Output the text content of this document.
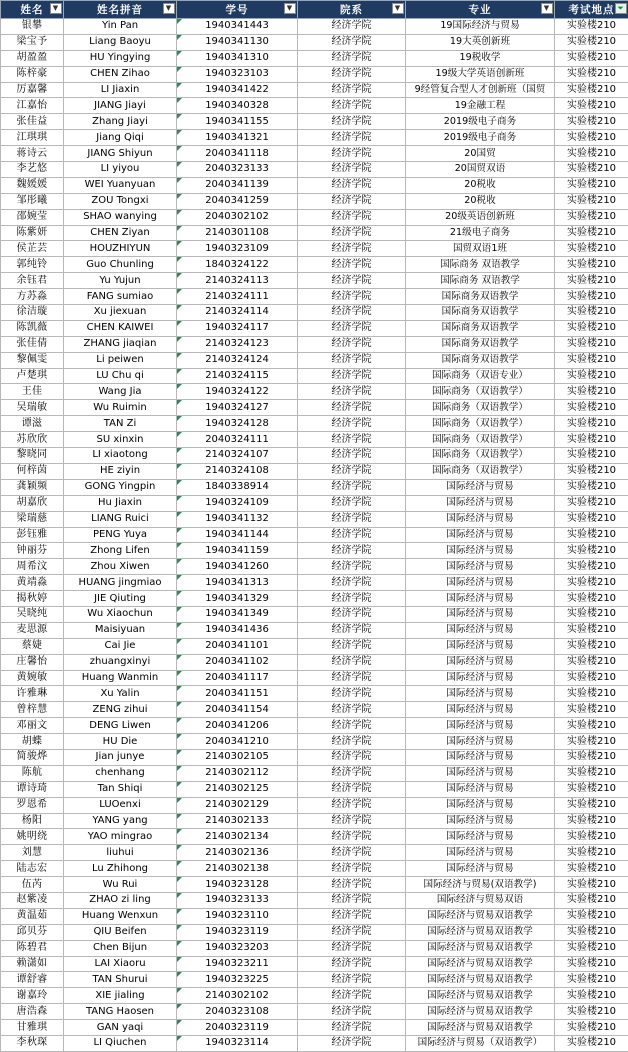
姓名 ▼	姓名拼音 ▼	学号 ▼	院系 ▼	专业 ▼	考试地点 ⏷

银攀	Yin Pan	1940341443	经济学院	19国际经济与贸易	实验楼210
梁宝予	Liang Baoyu	1940341130	经济学院	19大英创新班	实验楼210
胡盈盈	HU Yingying	1940341310	经济学院	19税收学	实验楼210
陈梓豪	CHEN Zihao	1940323103	经济学院	19级大学英语创新班	实验楼210
厉嘉馨	LI Jiaxin	1940341422	经济学院	9经管复合型人才创新班（国贸	实验楼210
江嘉怡	JIANG Jiayi	1940340328	经济学院	19金融工程	实验楼210
张佳益	Zhang Jiayi	1940341155	经济学院	2019级电子商务	实验楼210
江琪琪	Jiang Qiqi	1940341321	经济学院	2019级电子商务	实验楼210
蒋诗云	JIANG Shiyun	2040341118	经济学院	20国贸	实验楼210
李艺悠	LI yiyou	2040323133	经济学院	20国贸双语	实验楼210
魏媛媛	WEI Yuanyuan	2040341139	经济学院	20税收	实验楼210
邹彤曦	ZOU Tongxi	2040341259	经济学院	20税收	实验楼210
邵婉莹	SHAO wanying	2040302102	经济学院	20级英语创新班	实验楼210
陈紫妍	CHEN Ziyan	2140301108	经济学院	21级电子商务	实验楼210
侯芷芸	HOUZHIYUN	1940323109	经济学院	国贸双语1班	实验楼210
郭纯铃	Guo Chunling	1840324122	经济学院	国际商务 双语教学	实验楼210
余钰君	Yu Yujun	2140324113	经济学院	国际商务 双语教学	实验楼210
方苏淼	FANG sumiao	2140324111	经济学院	国际商务双语教学	实验楼210
徐洁璇	Xu jiexuan	2140324114	经济学院	国际商务双语教学	实验楼210
陈凯薇	CHEN KAIWEI	1940324117	经济学院	国际商务双语教学	实验楼210
张佳倩	ZHANG jiaqian	2140324123	经济学院	国际商务双语教学	实验楼210
黎佩雯	Li peiwen	2140324124	经济学院	国际商务双语教学	实验楼210
卢楚琪	LU Chu qi	2140324115	经济学院	国际商务（双语专业）	实验楼210
王佳	Wang Jia	1940324122	经济学院	国际商务（双语教学）	实验楼210
吴瑞敏	Wu Ruimin	1940324127	经济学院	国际商务（双语教学）	实验楼210
谭滋	TAN Zi	1940324128	经济学院	国际商务（双语教学）	实验楼210
苏欣欣	SU xinxin	2040324111	经济学院	国际商务（双语教学）	实验楼210
黎晓同	LI xiaotong	2140324107	经济学院	国际商务（双语教学）	实验楼210
何梓茵	HE ziyin	2140324108	经济学院	国际商务（双语教学）	实验楼210
龚颖频	GONG Yingpin	1840338914	经济学院	国际经济与贸易	实验楼210
胡嘉欣	Hu Jiaxin	1940324109	经济学院	国际经济与贸易	实验楼210
梁瑞慈	LIANG Ruici	1940341132	经济学院	国际经济与贸易	实验楼210
彭钰雅	PENG Yuya	1940341144	经济学院	国际经济与贸易	实验楼210
钟丽芬	Zhong Lifen	1940341159	经济学院	国际经济与贸易	实验楼210
周希汶	Zhou Xiwen	1940341260	经济学院	国际经济与贸易	实验楼210
黄靖淼	HUANG jingmiao	1940341313	经济学院	国际经济与贸易	实验楼210
揭秋婷	JIE Qiuting	1940341329	经济学院	国际经济与贸易	实验楼210
吴晓纯	Wu Xiaochun	1940341349	经济学院	国际经济与贸易	实验楼210
麦思源	Maisiyuan	1940341436	经济学院	国际经济与贸易	实验楼210
蔡婕	Cai Jie	2040341101	经济学院	国际经济与贸易	实验楼210
庄馨怡	zhuangxinyi	2040341102	经济学院	国际经济与贸易	实验楼210
黄婉敏	Huang Wanmin	2040341117	经济学院	国际经济与贸易	实验楼210
许雅琳	Xu Yalin	2040341151	经济学院	国际经济与贸易	实验楼210
曾梓慧	ZENG zihui	2040341154	经济学院	国际经济与贸易	实验楼210
邓丽文	DENG Liwen	2040341206	经济学院	国际经济与贸易	实验楼210
胡蝶	HU Die	2040341210	经济学院	国际经济与贸易	实验楼210
简骏烨	Jian junye	2140302105	经济学院	国际经济与贸易	实验楼210
陈航	chenhang	2140302112	经济学院	国际经济与贸易	实验楼210
谭诗琦	Tan Shiqi	2140302125	经济学院	国际经济与贸易	实验楼210
罗恩希	LUOenxi	2140302129	经济学院	国际经济与贸易	实验楼210
杨阳	YANG yang	2140302133	经济学院	国际经济与贸易	实验楼210
姚明绕	YAO mingrao	2140302134	经济学院	国际经济与贸易	实验楼210
刘慧	liuhui	2140302136	经济学院	国际经济与贸易	实验楼210
陆志宏	Lu Zhihong	2140302138	经济学院	国际经济与贸易	实验楼210
伍芮	Wu Rui	1940323128	经济学院	国际经济与贸易(双语教学)	实验楼210
赵紫凌	ZHAO zi ling	1940323133	经济学院	国际经济与贸易双语	实验楼210
黄温茹	Huang Wenxun	1940323110	经济学院	国际经济与贸易双语教学	实验楼210
邱贝芬	QIU Beifen	1940323119	经济学院	国际经济与贸易双语教学	实验楼210
陈碧君	Chen Bijun	1940323203	经济学院	国际经济与贸易双语教学	实验楼210
赖潇如	LAI Xiaoru	1940323211	经济学院	国际经济与贸易双语教学	实验楼210
谭舒睿	TAN Shurui	1940323225	经济学院	国际经济与贸易双语教学	实验楼210
谢嘉玲	XIE jialing	2140302102	经济学院	国际经济与贸易双语教学	实验楼210
唐浩森	TANG Haosen	2040323108	经济学院	国际经济与贸易双语教学	实验楼210
甘雅琪	GAN yaqi	2040323119	经济学院	国际经济与贸易双语教学	实验楼210
李秋琛	LI Qiuchen	1940323114	经济学院	国际经济与贸易（双语教学）	实验楼210
